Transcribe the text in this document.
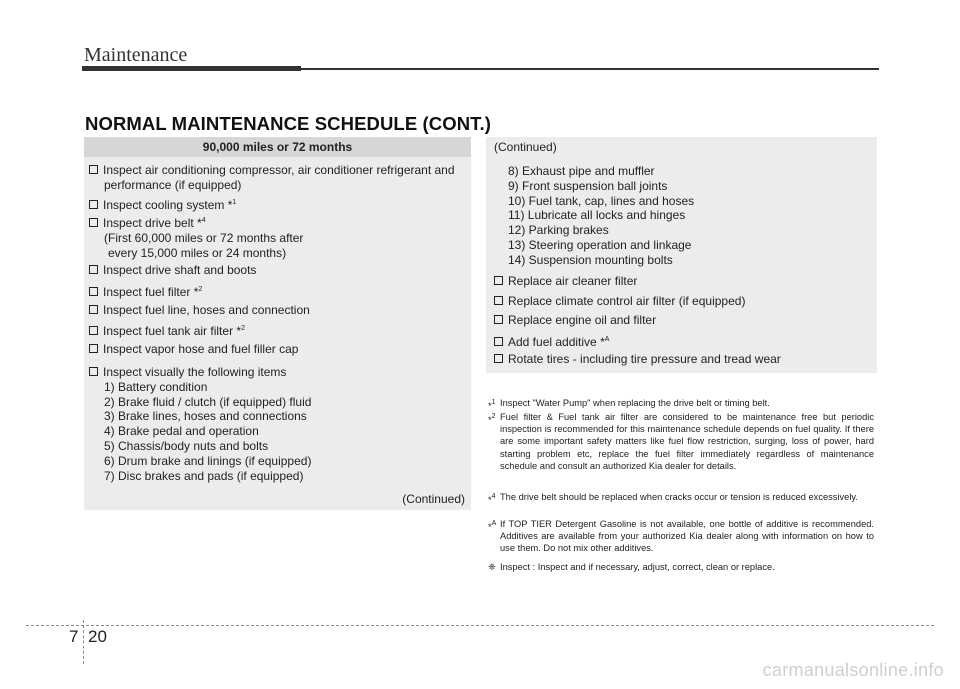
Maintenance
NORMAL MAINTENANCE SCHEDULE (CONT.)
90,000 miles or 72 months
Inspect air conditioning compressor, air conditioner refrigerant and
performance (if equipped)
Inspect cooling system *$^1$
Inspect drive belt *$^4$
(First 60,000 miles or 72 months after
every 15,000 miles or 24 months)
Inspect drive shaft and boots
Inspect fuel filter *$^2$
Inspect fuel line, hoses and connection
Inspect fuel tank air filter *$^2$
Inspect vapor hose and fuel filler cap
Inspect visually the following items
1) Battery condition
2) Brake fluid / clutch (if equipped) fluid
3) Brake lines, hoses and connections
4) Brake pedal and operation
5) Chassis/body nuts and bolts
6) Drum brake and linings (if equipped)
7) Disc brakes and pads (if equipped)
(Continued)
(Continued)
8) Exhaust pipe and muffler
9) Front suspension ball joints
10) Fuel tank, cap, lines and hoses
11) Lubricate all locks and hinges
12) Parking brakes
13) Steering operation and linkage
14) Suspension mounting bolts
Replace air cleaner filter
Replace climate control air filter (if equipped)
Replace engine oil and filter
Add fuel additive *$^A$
Rotate tires - including tire pressure and tread wear
*$^1$ Inspect "Water Pump" when replacing the drive belt or timing belt.
*$^2$ Fuel filter & Fuel tank air filter are considered to be maintenance free but periodic inspection is recommended for this maintenance schedule depends on fuel quality. If there are some important safety matters like fuel flow restriction, surging, loss of power, hard starting problem etc, replace the fuel filter immediately regardless of maintenance schedule and consult an authorized Kia dealer for details.
*$^4$ The drive belt should be replaced when cracks occur or tension is reduced excessively.
*$^A$ If TOP TIER Detergent Gasoline is not available, one bottle of additive is recommended. Additives are available from your authorized Kia dealer along with information on how to use them. Do not mix other additives.
❈ Inspect : Inspect and if necessary, adjust, correct, clean or replace.
7 20
carmanualsonline.info
